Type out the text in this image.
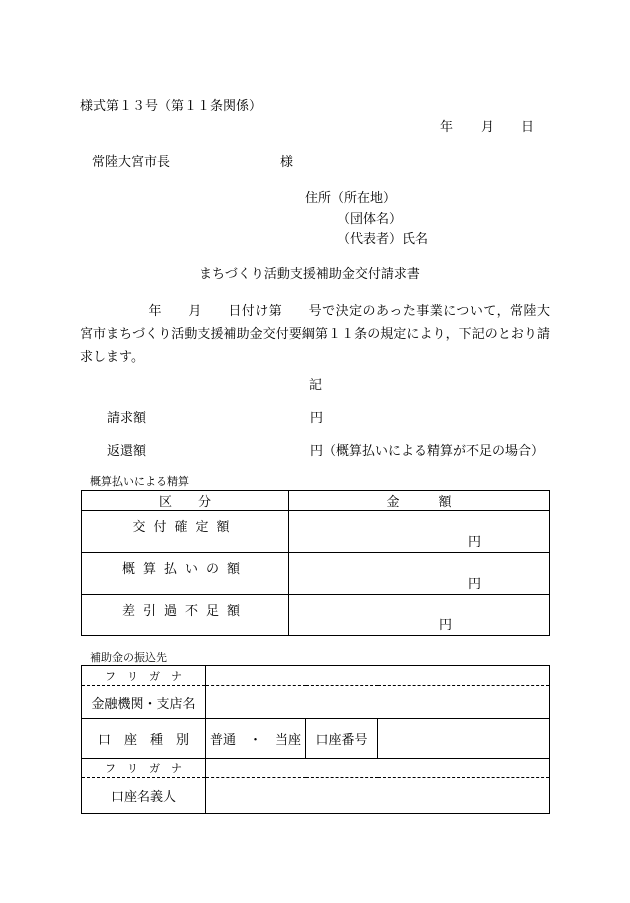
様式第１３号（第１１条関係）
年 月 日
常陸大宮市長	様
住所（所在地）
（団体名）
（代表者）氏名
まちづくり活動支援補助金交付請求書
年 月 日付け第 号で決定のあった事業について，常陸大宮市まちづくり活動支援補助金交付要綱第１１条の規定により，下記のとおり請求します。
記
請求額	円
返還額	円（概算払いによる精算が不足の場合）
概算払いによる精算
区　　分	金　　　額
交付確定額	円

概算払いの額	円

差引過不足額	円
補助金の振込先
フ　リ　ガ　ナ			
金融機関・支店名			
口　座　種　別	普通　・　当座	口座番号	
フ　リ　ガ　ナ			
口座名義人			
